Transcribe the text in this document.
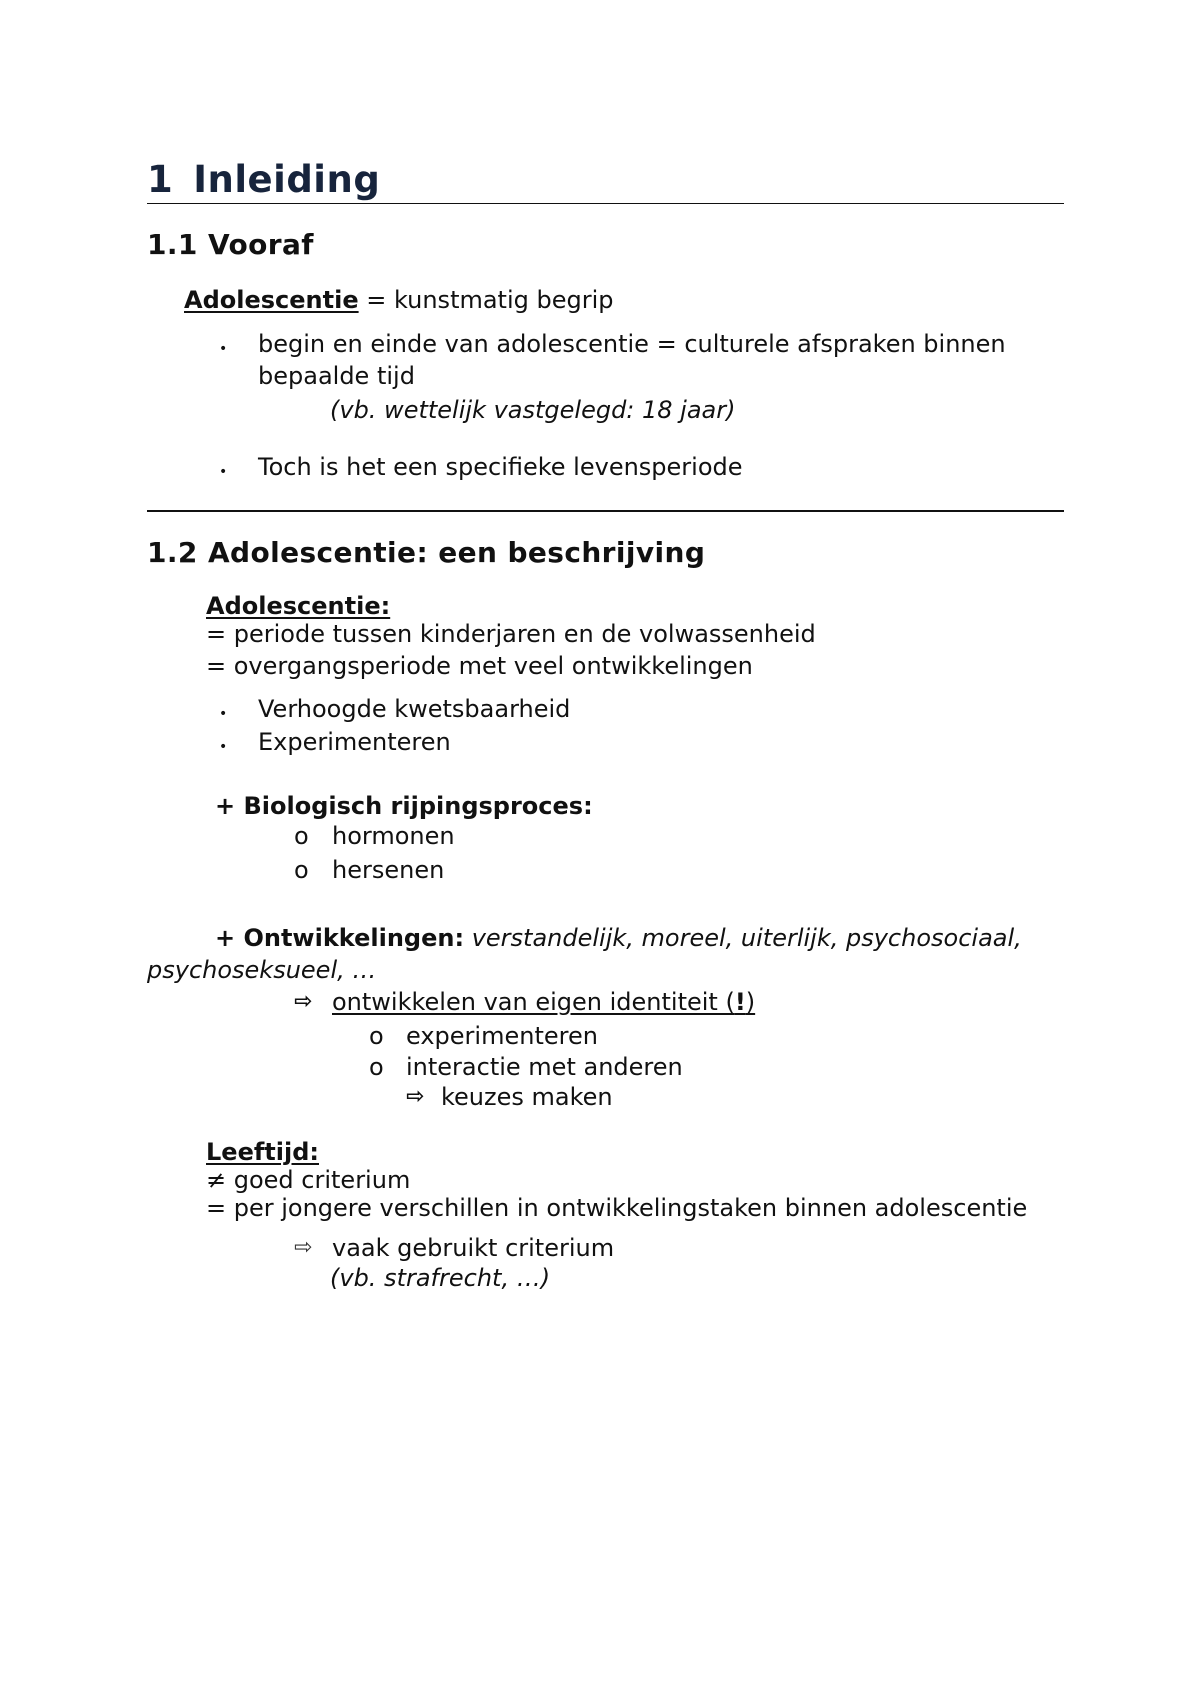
1 Inleiding
1.1 Vooraf
Adolescentie = kunstmatig begrip
• begin en einde van adolescentie = culturele afspraken binnen
bepaalde tijd
(vb. wettelijk vastgelegd: 18 jaar)
• Toch is het een specifieke levensperiode
1.2 Adolescentie: een beschrijving
Adolescentie:
= periode tussen kinderjaren en de volwassenheid
= overgangsperiode met veel ontwikkelingen
• Verhoogde kwetsbaarheid
• Experimenteren
+ Biologisch rijpingsproces:
o hormonen
o hersenen
+ Ontwikkelingen: verstandelijk, moreel, uiterlijk, psychosociaal,
psychoseksueel, …
⇨ ontwikkelen van eigen identiteit (!)
o experimenteren
o interactie met anderen
⇨ keuzes maken
Leeftijd:
≠ goed criterium
= per jongere verschillen in ontwikkelingstaken binnen adolescentie
⇨ vaak gebruikt criterium
(vb. strafrecht, …)
